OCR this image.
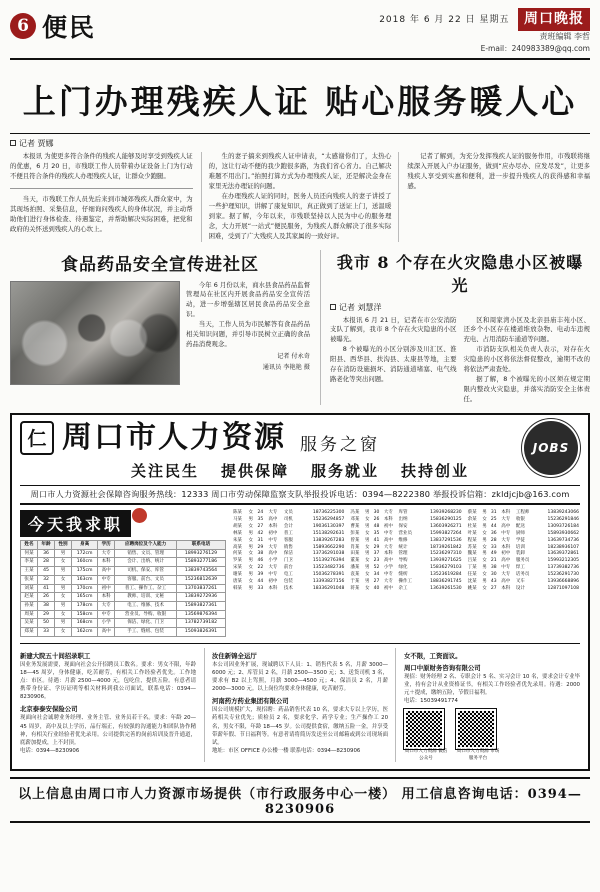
6 便民	2018 年 6 月 22 日 星期五 周口晚报
责班编辑 李哲
E-mail：240983389@qq.com
上门办理残疾人证 贴心服务暖人心
记者 贾娜
本报讯 为使更多符合条件的残疾人能够及时享受到残疾人证的优惠，6 月 20 日，市残联工作人员带着办证设备上门为行动不便且符合条件的残疾人办理残疾人证，让群众少跑腿。
当天，市残联工作人员先后来到市城郊残疾人群众家中，为其现场拍照、采集信息，仔细询问残疾人的身体状况，并主动帮助他们进行身体检查、待遇鉴定，并帮助解决实际困难，把党和政府的关怀送到残疾人的心坎上。
生的妻子搞来到残疾人证申请表，“太感谢你们了，太热心的，这让行动不便的我少跑很多路，为我们省心省力。自己解决难题不用出门。”拍照打算方式为办理残疾人证，还是解决金身在家里无法办理证的问题。
在办理残疾人证的同时，医务人员还向残疾人的妻子讲授了一些护理知识，讲解了康复知识，真正做到了送证上门，送温暖到家。据了解，今年以来，市残联坚持以人民为中心的服务理念，大力开展“一站式”便民服务，为残疾人群众解决了很多实际困难，受到了广大残疾人及其家属的一致好评。
记者了解到，为充分发挥残疾人证的服务作用，市残联将继续深入开展入户办证服务，做到“应办尽办、应发尽发”，让更多残疾人享受到实惠和便利，进一步提升残疾人的获得感和幸福感。
食品药品安全宣传进社区
今年 6 月份以来，商水县食品药品监督管理局在社区内开展食品药品安全宣传活动，进一步增强辖区居民食品药品安全意识。
当天，工作人员为市民解答有食品药品相关知识问题，并引导市民树立正确的食品药品消费观念。
记者 付永奇
通讯员 李艳艳 摄
我市 8 个存在火灾隐患小区被曝光
记者 刘慧洋
本报讯 6 月 21 日，记者在市公安消防支队了解到，我市 8 个存在火灾隐患的小区被曝光。
8 个被曝光的小区分别涉及川汇区、淮阳县、西华县、扶沟县、太康县等地，主要存在消防设施损坏、消防通道堵塞、电气线路老化等突出问题。
区和周家湾小区及北亲县庙丰苑小区、还乡个小区存在楼道堆放杂物、电动车违规充电、占用消防车通道等问题。
市消防支队相关负责人表示，对存在火灾隐患的小区将依法督促整改，逾期不改的将依法严肃查处。
据了解，8 个被曝光的小区须在规定期限内整改火灾隐患，并落实消防安全主体责任。
JOBS
仁 周口市人力资源 服务之窗
关注民生 提供保障 服务就业 扶持创业
周口市人力资源社会保障咨询服务热线：12333 周口市劳动保障监察支队举报投诉电话：0394—8222380 举报投诉信箱：zkldjcjb@163.com
今天我求职
姓名	年龄	性别	身高	学历	应聘岗位及个人能力	联系电话
何某	36	男	172cm	大专	销售、文员、管理	18993276129
李某	28	女	160cm	本科	会计、出纳、统计	15893277186
王某	45	男	175cm	高中	司机、保安、库管	13839743564
张某	32	女	163cm	中专	客服、前台、文员	15236812639
刘某	41	男	170cm	初中	普工、操作工、杂工	13703837261
赵某	26	女	165cm	本科	教师、培训、文秘	13839272936
孙某	38	男	178cm	大专	电工、维修、技术	15893827361
周某	29	女	158cm	中专	营业员、导购、收银	13569876394
吴某	50	男	168cm	小学	保洁、绿化、门卫	13782739182
郑某	33	女	162cm	高中	手工、缝纫、包装	15093826391
陈某	女	24	大专	文员	18736225300
马某	男	35	高中	司机	15236294857
胡某	女	27	本科	会计	19036130397
林某	男	42	初中	普工	15138292631
朱某	女	31	中专	客服	13839267283
高某	男	29	大专	销售	15893662290
何某	女	38	高中	保洁	13736291038
罗某	男	46	小学	门卫	15139276394
宋某	女	22	大专	前台	13523482736
谢某	男	39	中专	电工	15036278391
唐某	女	44	初中	包装	13393827156
韩某	男	33	本科	技术	18336291048
冯某	男	30	大专	库管	13939268230
邓某	女	26	本科	出纳	15836290125
曹某	男	48	初中	保安	13603926271
彭某	女	35	中专	营业员	15993827264
曾某	男	41	高中	维修	13837291536
肖某	女	29	大专	统计	18739261842
田某	男	37	本科	管理	15236297310
董某	女	23	高中	导购	13939271625
潘某	男	52	小学	绿化	15836279103
袁某	女	34	中专	缝纫	13523619284
于某	男	27	大专	操作工	18836291745
蒋某	女	40	初中	杂工	13639261530
蔡某	男	31	本科	工程师	13839243066
余某	女	25	大专	收银	15236291846
杜某	男	44	高中	配送	13093726184
叶某	女	36	中专	厨师	15893930662
程某	男	28	大专	学徒	13639734736
苏某	女	33	本科	培训	18238936107
魏某	男	49	初中	装卸	13639372861
吕某	女	21	高中	服务员	15993212305
丁某	男	38	中专	焊工	13739382736
任某	女	30	大专	话务员	15236291730
沈某	男	43	高中	叉车	13936668896
姚某	女	27	本科	设计	12871097108
新建大院五十间招录职工
因业务发展需要，现面向社会公开招聘员工数名。要求：男女不限，年龄 18—45 周岁，身体健康，吃苦耐劳，有相关工作经验者优先。工作地点：市区。待遇：月薪 2500—4000 元，包吃住，提供五险。有意者请携带身份证、学历证明等相关材料到我公司面试，联系电话：0394—8230906。
北京泰泰安保险公司
现面向社会诚聘业务经理、业务主管、业务员若干名。要求：年龄 20—45 周岁，高中及以上学历，品行端正，有较强的沟通能力和团队协作精神，有相关行业经验者优先录用。公司提供完善的岗前培训及晋升通道，底薪加提成，上不封顶。
电话：0394—8230906
汝住新锦全运厅
本公司因业务扩展，现诚聘以下人员：1、销售代表 5 名，月薪 3000—6000 元；2、库管员 2 名，月薪 2500—3500 元；3、送货司机 3 名，要求有 B2 以上驾照，月薪 3000—4500 元；4、保洁员 2 名，月薪 2000—3000 元。以上岗位均要求身体健康，吃苦耐劳。
河南药方药业集团有限公司
因公司规模扩大，现招聘：药品销售代表 10 名，要求大专以上学历，医药相关专业优先；质检员 2 名，要求化学、药学专业；生产操作工 20 名，男女不限，年龄 18—45 岁。公司提供食宿，缴纳五险一金，并享受带薪年假、节日福利等。有意者请将简历发送至公司邮箱或到公司现场面试。
地址：市区 OFFICE 办公楼一楼 联系电话：0394—8230906
女不限，工资面议。
周口中原财务咨询有限公司
现招：财务经理 2 名、专职会计 5 名、实习会计 10 名，要求会计专业毕业，持有会计从业资格证书，有相关工作经验者优先录用。待遇：2000 元＋提成，缴纳五险，节假日福利。
电话：15039491774
周口市人力资源 微信公众号
周口市人力资源 市场服务平台
以上信息由周口市人力资源市场提供（市行政服务中心一楼） 用工信息咨询电话：0394—8230906
